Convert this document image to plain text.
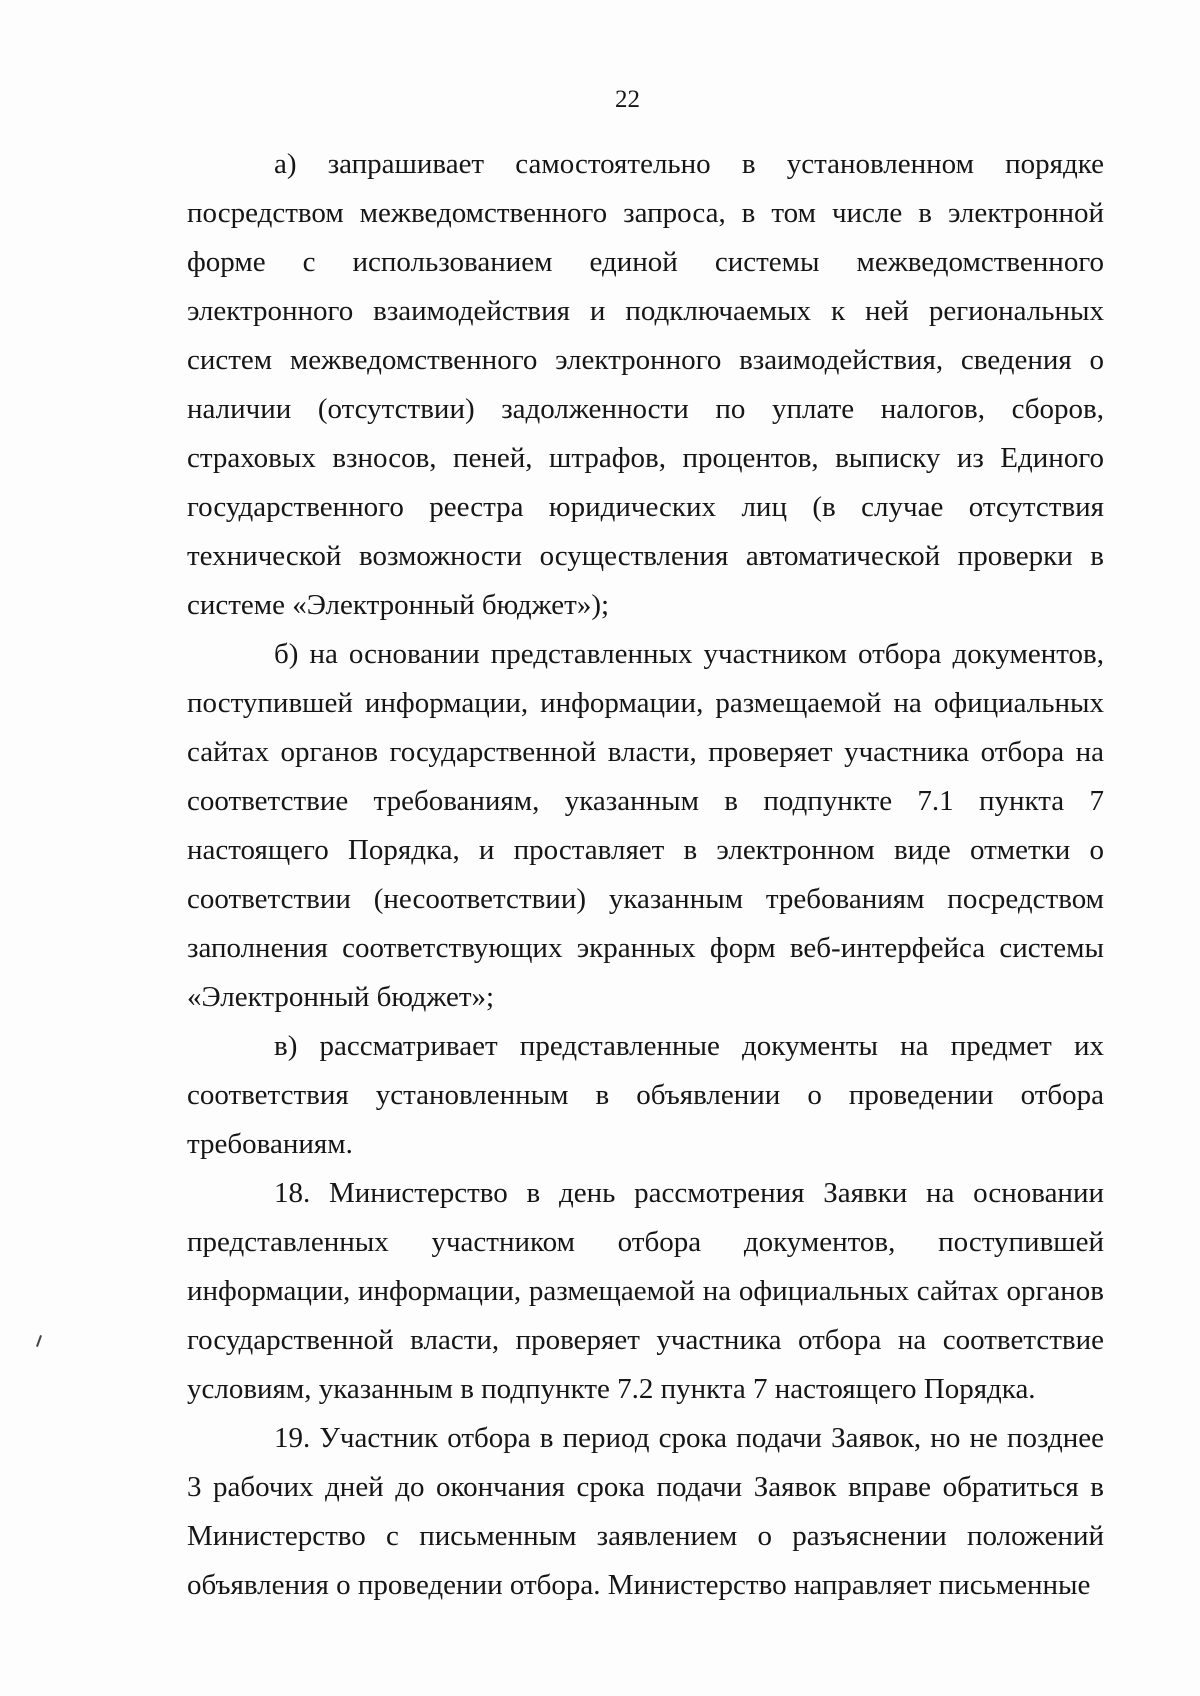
22

а) запрашивает самостоятельно в установленном порядке посредством межведомственного запроса, в том числе в электронной форме с использованием единой системы межведомственного электронного взаимодействия и подключаемых к ней региональных систем межведомственного электронного взаимодействия, сведения о наличии (отсутствии) задолженности по уплате налогов, сборов, страховых взносов, пеней, штрафов, процентов, выписку из Единого государственного реестра юридических лиц (в случае отсутствия технической возможности осуществления автоматической проверки в системе «Электронный бюджет»);

б) на основании представленных участником отбора документов, поступившей информации, информации, размещаемой на официальных сайтах органов государственной власти, проверяет участника отбора на соответствие требованиям, указанным в подпункте 7.1 пункта 7 настоящего Порядка, и проставляет в электронном виде отметки о соответствии (несоответствии) указанным требованиям посредством заполнения соответствующих экранных форм веб-интерфейса системы «Электронный бюджет»;

в) рассматривает представленные документы на предмет их соответствия установленным в объявлении о проведении отбора требованиям.

18. Министерство в день рассмотрения Заявки на основании представленных участником отбора документов, поступившей информации, информации, размещаемой на официальных сайтах органов государственной власти, проверяет участника отбора на соответствие условиям, указанным в подпункте 7.2 пункта 7 настоящего Порядка.

19. Участник отбора в период срока подачи Заявок, но не позднее 3 рабочих дней до окончания срока подачи Заявок вправе обратиться в Министерство с письменным заявлением о разъяснении положений объявления о проведении отбора. Министерство направляет письменные
